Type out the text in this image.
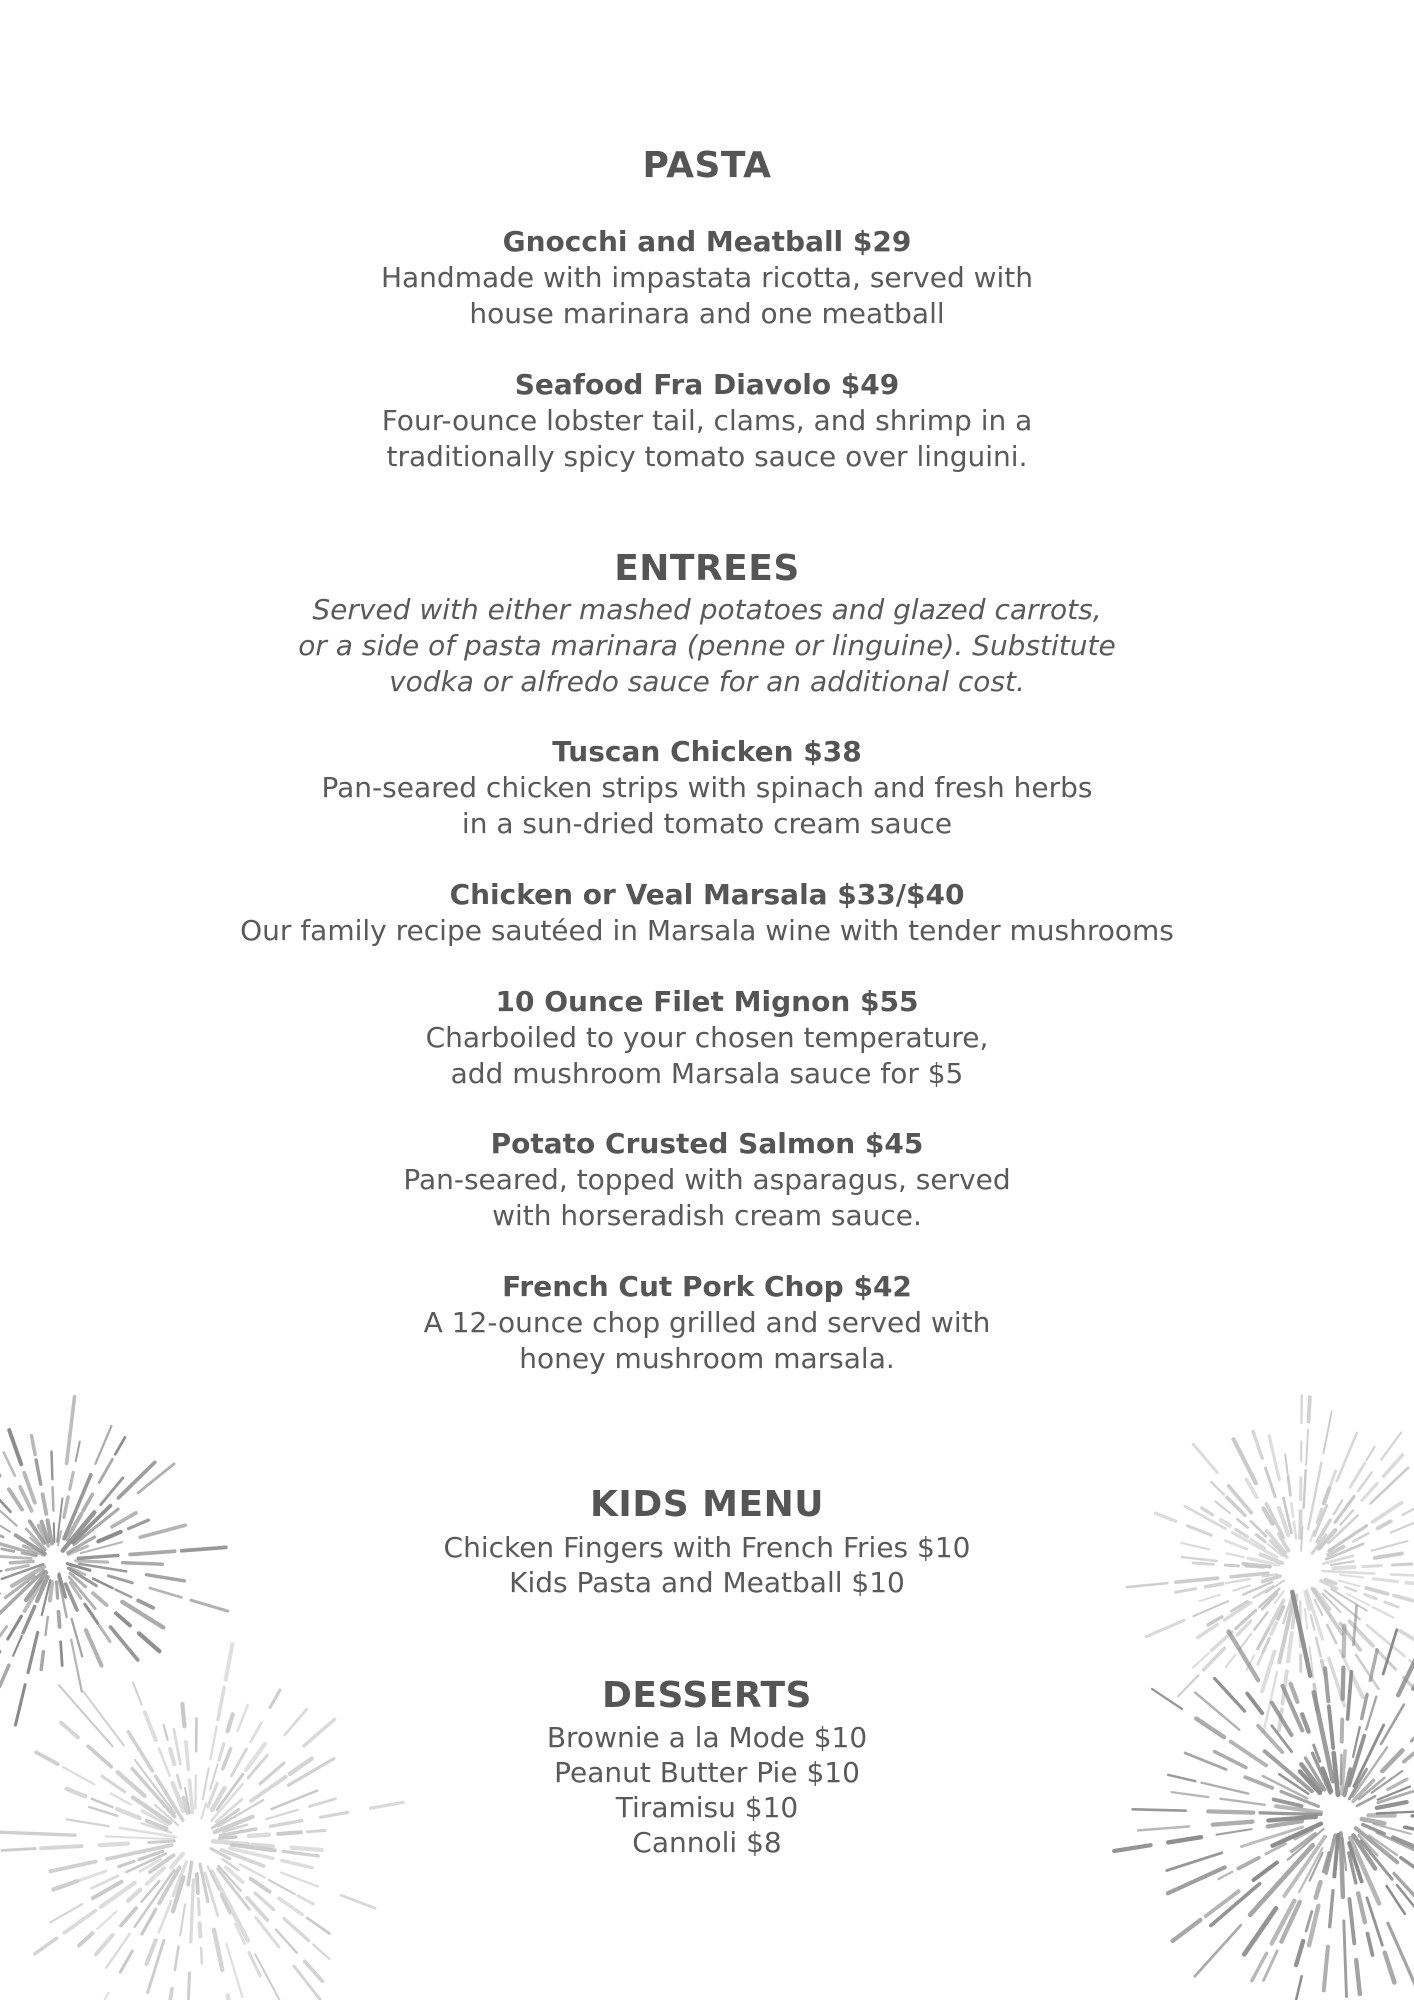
PASTA
Gnocchi and Meatball $29
Handmade with impastata ricotta, served with
house marinara and one meatball
Seafood Fra Diavolo $49
Four-ounce lobster tail, clams, and shrimp in a
traditionally spicy tomato sauce over linguini.
ENTREES
Served with either mashed potatoes and glazed carrots,
or a side of pasta marinara (penne or linguine). Substitute
vodka or alfredo sauce for an additional cost.
Tuscan Chicken $38
Pan-seared chicken strips with spinach and fresh herbs
in a sun-dried tomato cream sauce
Chicken or Veal Marsala $33/$40
Our family recipe sautéed in Marsala wine with tender mushrooms
10 Ounce Filet Mignon $55
Charboiled to your chosen temperature,
add mushroom Marsala sauce for $5
Potato Crusted Salmon $45
Pan-seared, topped with asparagus, served
with horseradish cream sauce.
French Cut Pork Chop $42
A 12-ounce chop grilled and served with
honey mushroom marsala.
KIDS MENU
Chicken Fingers with French Fries $10
Kids Pasta and Meatball $10
DESSERTS
Brownie a la Mode $10
Peanut Butter Pie $10
Tiramisu $10
Cannoli $8
